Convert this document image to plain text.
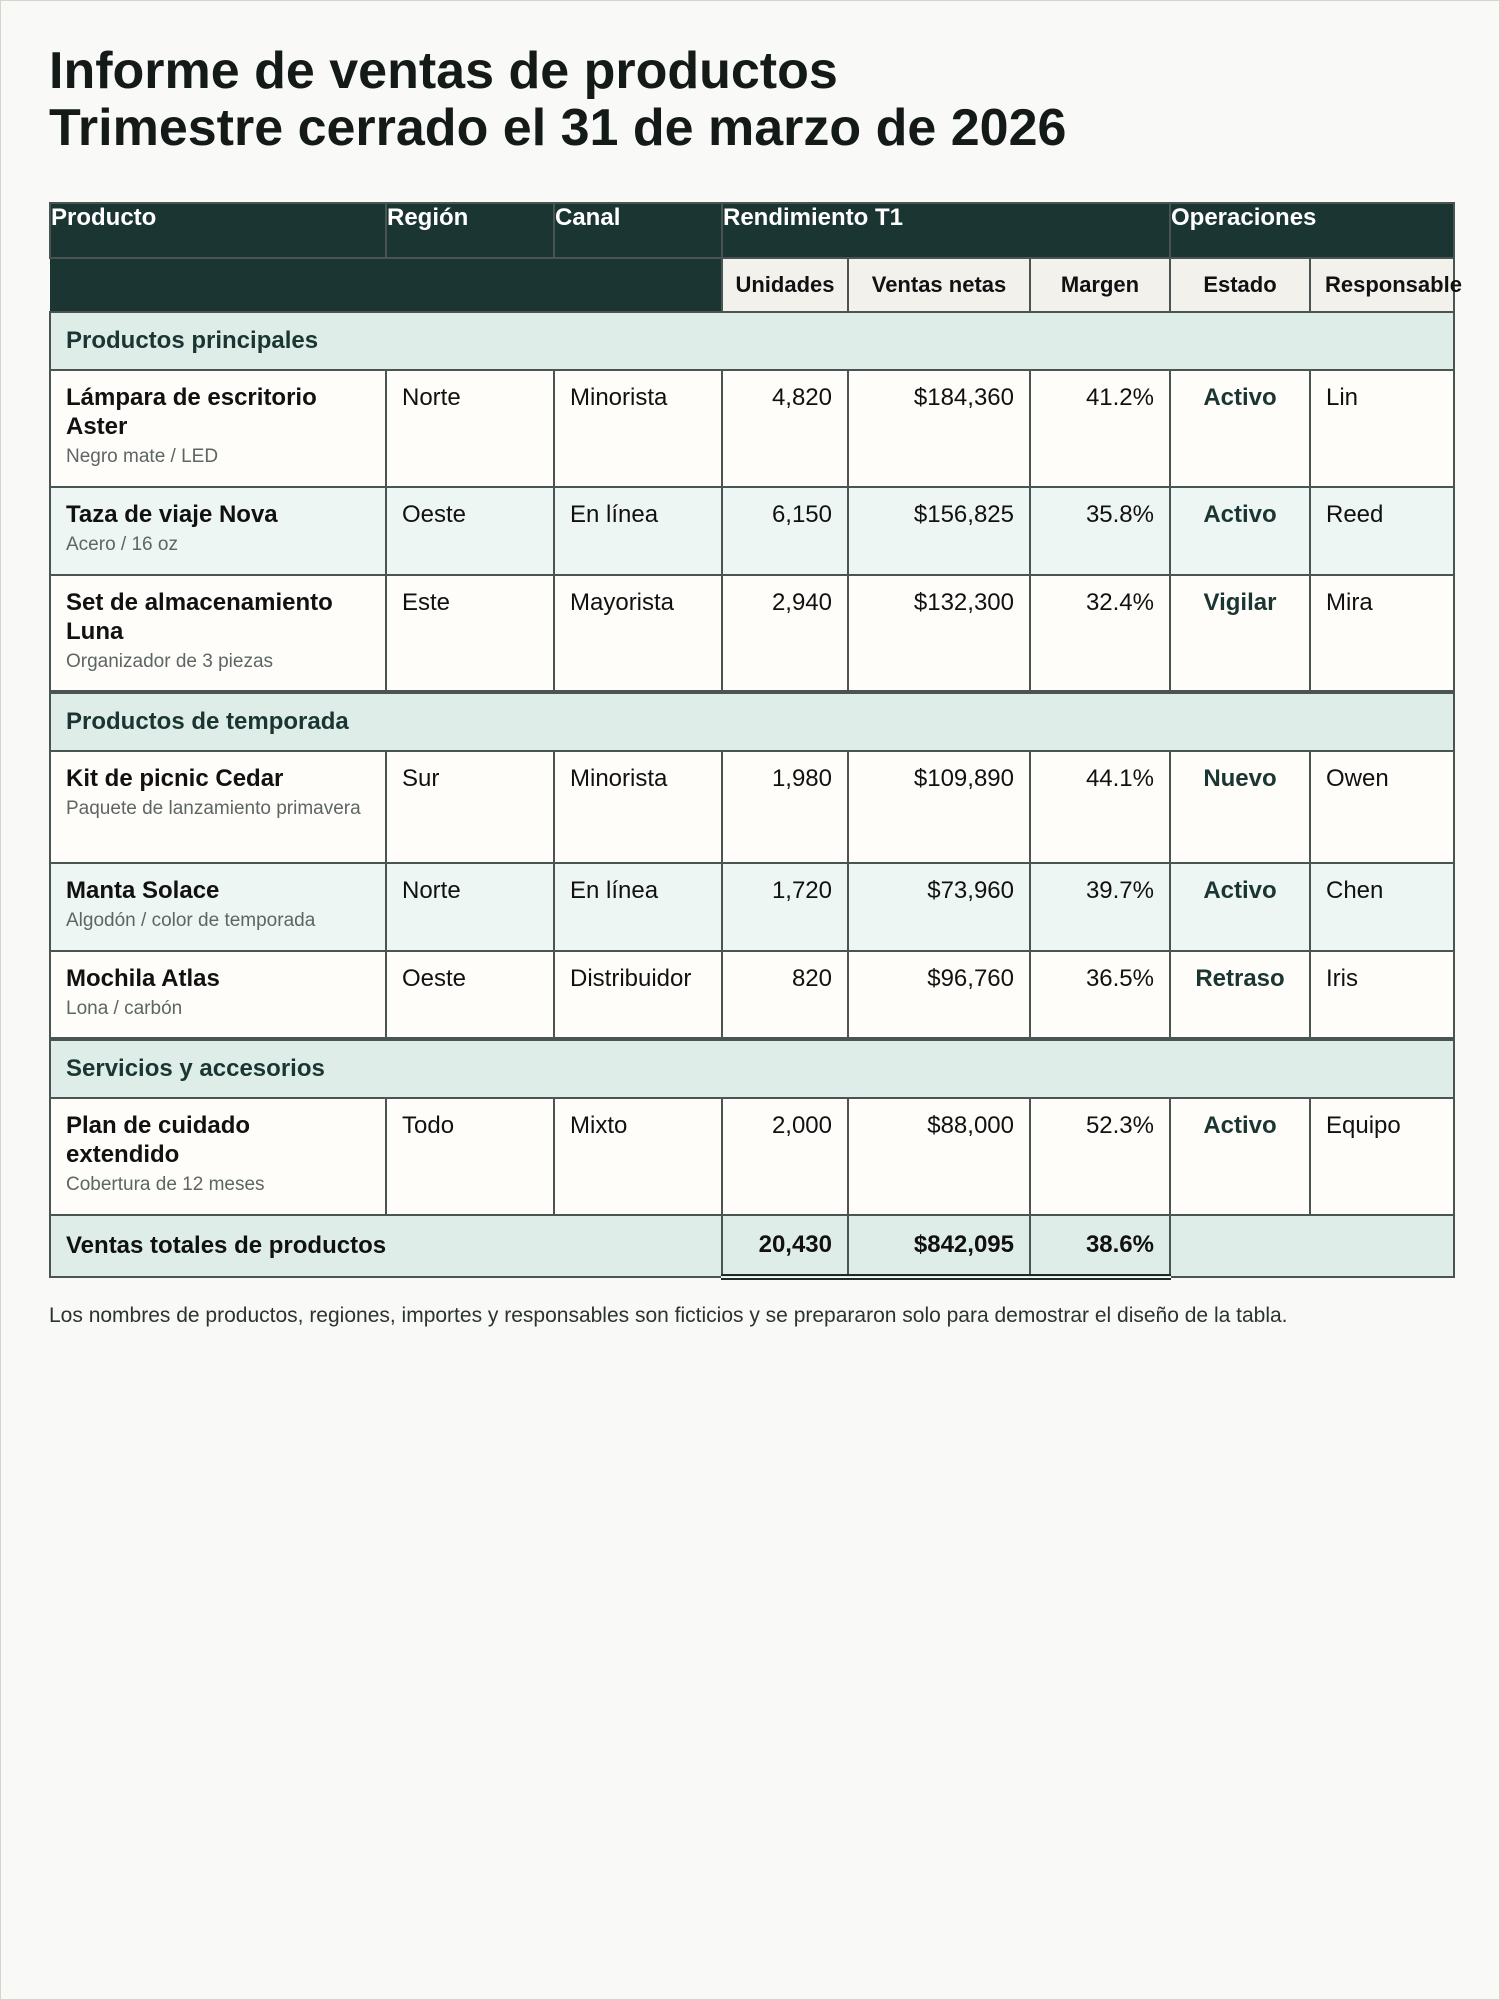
Informe de ventas de productos
Trimestre cerrado el 31 de marzo de 2026
Producto	Región	Canal	Rendimiento T1			Operaciones	
			Unidades	Ventas netas	Margen	Estado	Responsable
Productos principales							

Lámpara de escritorio Aster
Negro mate / LED	Norte	Minorista	4,820	$184,360	41.2%	Activo	Lin

Taza de viaje Nova
Acero / 16 oz	Oeste	En línea	6,150	$156,825	35.8%	Activo	Reed

Set de almacenamiento Luna
Organizador de 3 piezas	Este	Mayorista	2,940	$132,300	32.4%	Vigilar	Mira
Productos de temporada							

Kit de picnic Cedar
Paquete de lanzamiento primavera	Sur	Minorista	1,980	$109,890	44.1%	Nuevo	Owen

Manta Solace
Algodón / color de temporada	Norte	En línea	1,720	$73,960	39.7%	Activo	Chen

Mochila Atlas
Lona / carbón	Oeste	Distribuidor	820	$96,760	36.5%	Retraso	Iris
Servicios y accesorios							

Plan de cuidado extendido
Cobertura de 12 meses	Todo	Mixto	2,000	$88,000	52.3%	Activo	Equipo
Ventas totales de productos			20,430	$842,095	38.6%		

Los nombres de productos, regiones, importes y responsables son ficticios y se prepararon solo para demostrar el diseño de la tabla.
